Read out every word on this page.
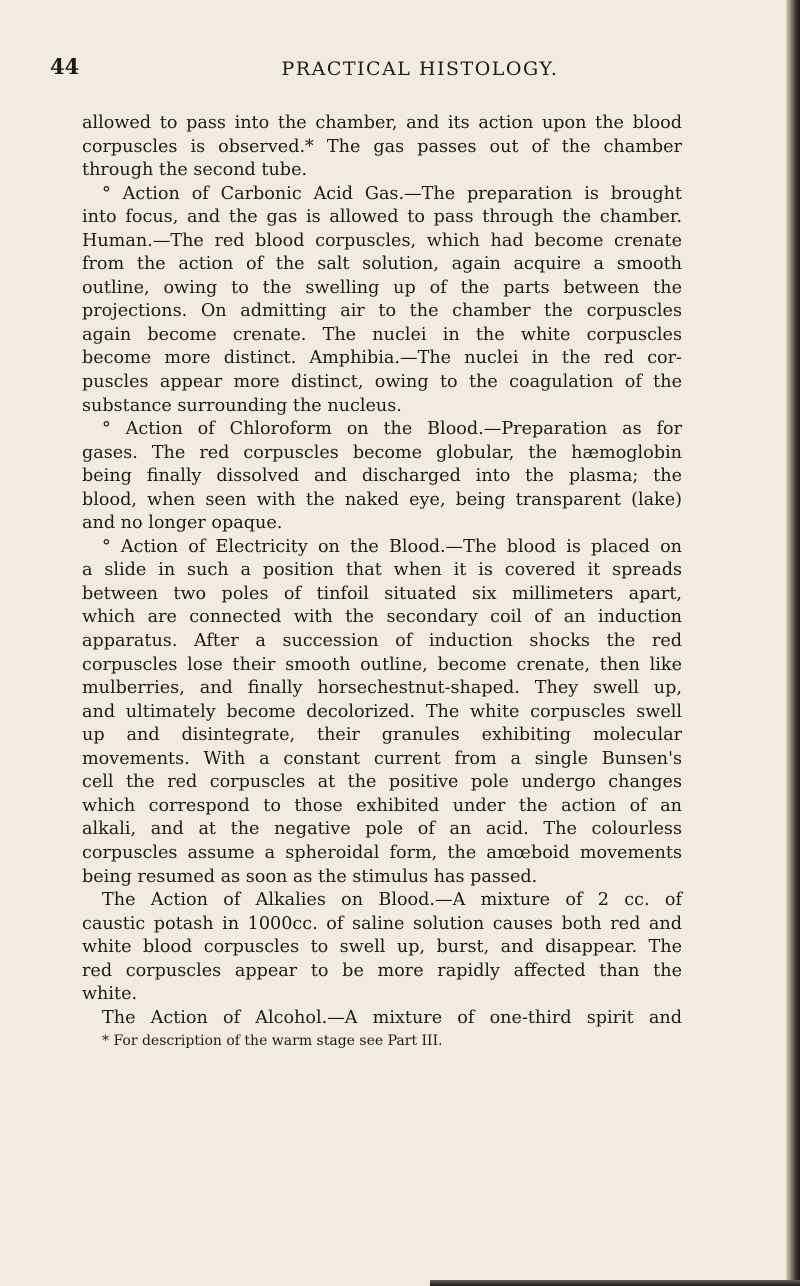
44	PRACTICAL HISTOLOGY.
allowed to pass into the chamber, and its action upon the blood
corpuscles is observed.* The gas passes out of the chamber
through the second tube.
° Action of Carbonic Acid Gas.—The preparation is brought
into focus, and the gas is allowed to pass through the chamber.
Human.—The red blood corpuscles, which had become crenate
from the action of the salt solution, again acquire a smooth
outline, owing to the swelling up of the parts between the
projections. On admitting air to the chamber the corpuscles
again become crenate. The nuclei in the white corpuscles
become more distinct. Amphibia.—The nuclei in the red cor-
puscles appear more distinct, owing to the coagulation of the
substance surrounding the nucleus.
° Action of Chloroform on the Blood.—Preparation as for
gases. The red corpuscles become globular, the hæmoglobin
being finally dissolved and discharged into the plasma; the
blood, when seen with the naked eye, being transparent (lake)
and no longer opaque.
° Action of Electricity on the Blood.—The blood is placed on
a slide in such a position that when it is covered it spreads
between two poles of tinfoil situated six millimeters apart,
which are connected with the secondary coil of an induction
apparatus. After a succession of induction shocks the red
corpuscles lose their smooth outline, become crenate, then like
mulberries, and finally horsechestnut-shaped. They swell up,
and ultimately become decolorized. The white corpuscles swell
up and disintegrate, their granules exhibiting molecular
movements. With a constant current from a single Bunsen's
cell the red corpuscles at the positive pole undergo changes
which correspond to those exhibited under the action of an
alkali, and at the negative pole of an acid. The colourless
corpuscles assume a spheroidal form, the amœboid movements
being resumed as soon as the stimulus has passed.
The Action of Alkalies on Blood.—A mixture of 2 cc. of
caustic potash in 1000cc. of saline solution causes both red and
white blood corpuscles to swell up, burst, and disappear. The
red corpuscles appear to be more rapidly affected than the
white.
The Action of Alcohol.—A mixture of one-third spirit and
* For description of the warm stage see Part III.
